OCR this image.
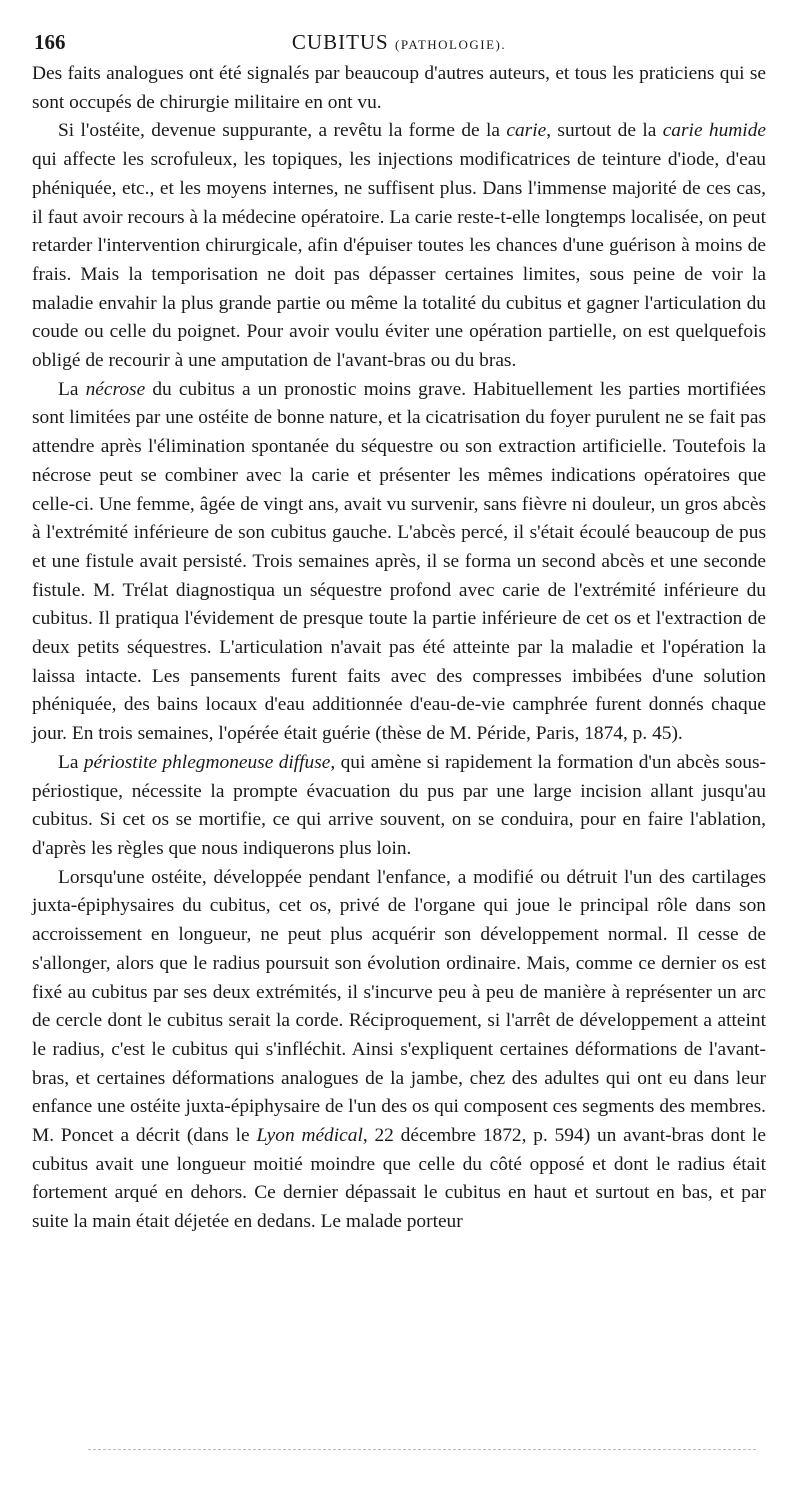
166	CUBITUS (PATHOLOGIE).

Des faits analogues ont été signalés par beaucoup d'autres auteurs, et tous les praticiens qui se sont occupés de chirurgie militaire en ont vu.

Si l'ostéite, devenue suppurante, a revêtu la forme de la carie, surtout de la carie humide qui affecte les scrofuleux, les topiques, les injections modificatrices de teinture d'iode, d'eau phéniquée, etc., et les moyens internes, ne suffisent plus. Dans l'immense majorité de ces cas, il faut avoir recours à la médecine opératoire. La carie reste-t-elle longtemps localisée, on peut retarder l'intervention chirurgicale, afin d'épuiser toutes les chances d'une guérison à moins de frais. Mais la temporisation ne doit pas dépasser certaines limites, sous peine de voir la maladie envahir la plus grande partie ou même la totalité du cubitus et gagner l'articulation du coude ou celle du poignet. Pour avoir voulu éviter une opération partielle, on est quelquefois obligé de recourir à une amputation de l'avant-bras ou du bras.

La nécrose du cubitus a un pronostic moins grave. Habituellement les parties mortifiées sont limitées par une ostéite de bonne nature, et la cicatrisation du foyer purulent ne se fait pas attendre après l'élimination spontanée du séquestre ou son extraction artificielle. Toutefois la nécrose peut se combiner avec la carie et présenter les mêmes indications opératoires que celle-ci. Une femme, âgée de vingt ans, avait vu survenir, sans fièvre ni douleur, un gros abcès à l'extrémité inférieure de son cubitus gauche. L'abcès percé, il s'était écoulé beaucoup de pus et une fistule avait persisté. Trois semaines après, il se forma un second abcès et une seconde fistule. M. Trélat diagnostiqua un séquestre profond avec carie de l'extrémité inférieure du cubitus. Il pratiqua l'évidement de presque toute la partie inférieure de cet os et l'extraction de deux petits séquestres. L'articulation n'avait pas été atteinte par la maladie et l'opération la laissa intacte. Les pansements furent faits avec des compresses imbibées d'une solution phéniquée, des bains locaux d'eau additionnée d'eau-de-vie camphrée furent donnés chaque jour. En trois semaines, l'opérée était guérie (thèse de M. Péride, Paris, 1874, p. 45).

La périostite phlegmoneuse diffuse, qui amène si rapidement la formation d'un abcès sous-périostique, nécessite la prompte évacuation du pus par une large incision allant jusqu'au cubitus. Si cet os se mortifie, ce qui arrive souvent, on se conduira, pour en faire l'ablation, d'après les règles que nous indiquerons plus loin.

Lorsqu'une ostéite, développée pendant l'enfance, a modifié ou détruit l'un des cartilages juxta-épiphysaires du cubitus, cet os, privé de l'organe qui joue le principal rôle dans son accroissement en longueur, ne peut plus acquérir son développement normal. Il cesse de s'allonger, alors que le radius poursuit son évolution ordinaire. Mais, comme ce dernier os est fixé au cubitus par ses deux extrémités, il s'incurve peu à peu de manière à représenter un arc de cercle dont le cubitus serait la corde. Réciproquement, si l'arrêt de développement a atteint le radius, c'est le cubitus qui s'infléchit. Ainsi s'expliquent certaines déformations de l'avant-bras, et certaines déformations analogues de la jambe, chez des adultes qui ont eu dans leur enfance une ostéite juxta-épiphysaire de l'un des os qui composent ces segments des membres. M. Poncet a décrit (dans le Lyon médical, 22 décembre 1872, p. 594) un avant-bras dont le cubitus avait une longueur moitié moindre que celle du côté opposé et dont le radius était fortement arqué en dehors. Ce dernier dépassait le cubitus en haut et surtout en bas, et par suite la main était déjetée en dedans. Le malade porteur
